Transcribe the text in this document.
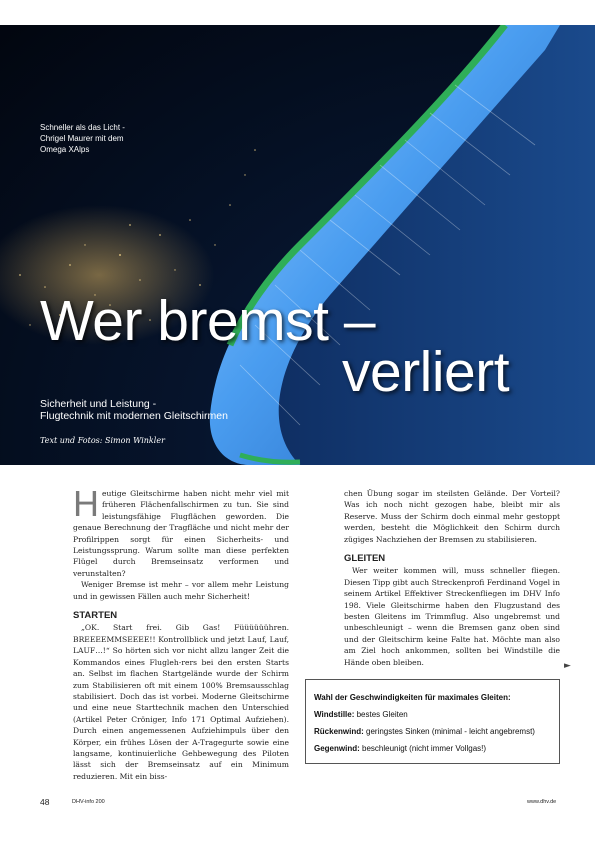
Schneller als das Licht -
Chrigel Maurer mit dem
Omega XAlps
Wer bremst –
verliert
Sicherheit und Leistung -
Flugtechnik mit modernen Gleitschirmen
Text und Fotos: Simon Winkler

Heutige Gleitschirme haben nicht mehr viel mit früheren Flächenfallschirmen zu tun. Sie sind leistungsfähige Flugflächen geworden. Die genaue Berechnung der Tragfläche und nicht mehr der Profilrippen sorgt für einen Sicherheits- und Leistungssprung. Warum sollte man diese perfekten Flügel durch Bremseinsatz verformen und verunstalten?

Weniger Bremse ist mehr – vor allem mehr Leistung und in gewissen Fällen auch mehr Sicherheit!

STARTEN

„OK. Start frei. Gib Gas! Füüüüüühren. BREEEEMMSEEEE!! Kontrollblick und jetzt Lauf, Lauf, LAUF…!“ So hörten sich vor nicht allzu langer Zeit die Kommandos eines Flugleh-rers bei den ersten Starts an. Selbst im flachen Startgelände wurde der Schirm zum Stabilisieren oft mit einem 100% Bremsausschlag stabilisiert. Doch das ist vorbei. Moderne Gleitschirme und eine neue Starttechnik machen den Unterschied (Artikel Peter Cröniger, Info 171 Optimal Aufziehen). Durch einen angemessenen Aufziehimpuls über den Körper, ein frühes Lösen der A-Tragegurte sowie eine langsame, kontinuierliche Gehbewegung des Piloten lässt sich der Bremseinsatz auf ein Minimum reduzieren. Mit ein biss-

chen Übung sogar im steilsten Gelände. Der Vorteil? Was ich noch nicht gezogen habe, bleibt mir als Reserve. Muss der Schirm doch einmal mehr gestoppt werden, besteht die Möglichkeit den Schirm durch zügiges Nachziehen der Bremsen zu stabilisieren.

GLEITEN

Wer weiter kommen will, muss schneller fliegen. Diesen Tipp gibt auch Streckenprofi Ferdinand Vogel in seinem Artikel Effektiver Streckenfliegen im DHV Info 198. Viele Gleitschirme haben den Flugzustand des besten Gleitens im Trimmflug. Also ungebremst und unbeschleunigt – wenn die Bremsen ganz oben sind und der Gleitschirm keine Falte hat. Möchte man also am Ziel hoch ankommen, sollten bei Windstille die Hände oben bleiben.	►
Wahl der Geschwindigkeiten für maximales Gleiten:
Windstille: bestes Gleiten
Rückenwind: geringstes Sinken (minimal - leicht angebremst)
Gegenwind: beschleunigt (nicht immer Vollgas!)
48	DHV-info 200	www.dhv.de
